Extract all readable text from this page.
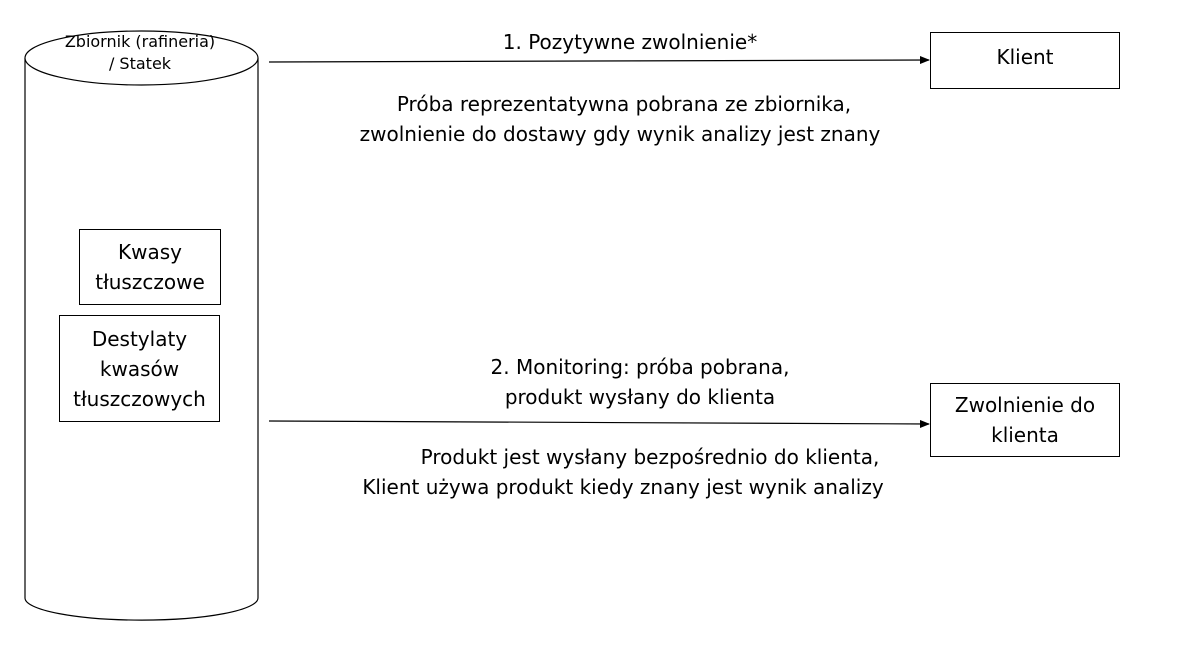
Zbiornik (rafineria)
/ Statek
Kwasy
tłuszczowe
Destylaty
kwasów
tłuszczowych
1. Pozytywne zwolnienie*
Próba reprezentatywna pobrana ze zbiornika,
zwolnienie do dostawy gdy wynik analizy jest znany
Klient
2. Monitoring: próba pobrana,
produkt wysłany do klienta
Produkt jest wysłany bezpośrednio do klienta,
Klient używa produkt kiedy znany jest wynik analizy
Zwolnienie do
klienta
